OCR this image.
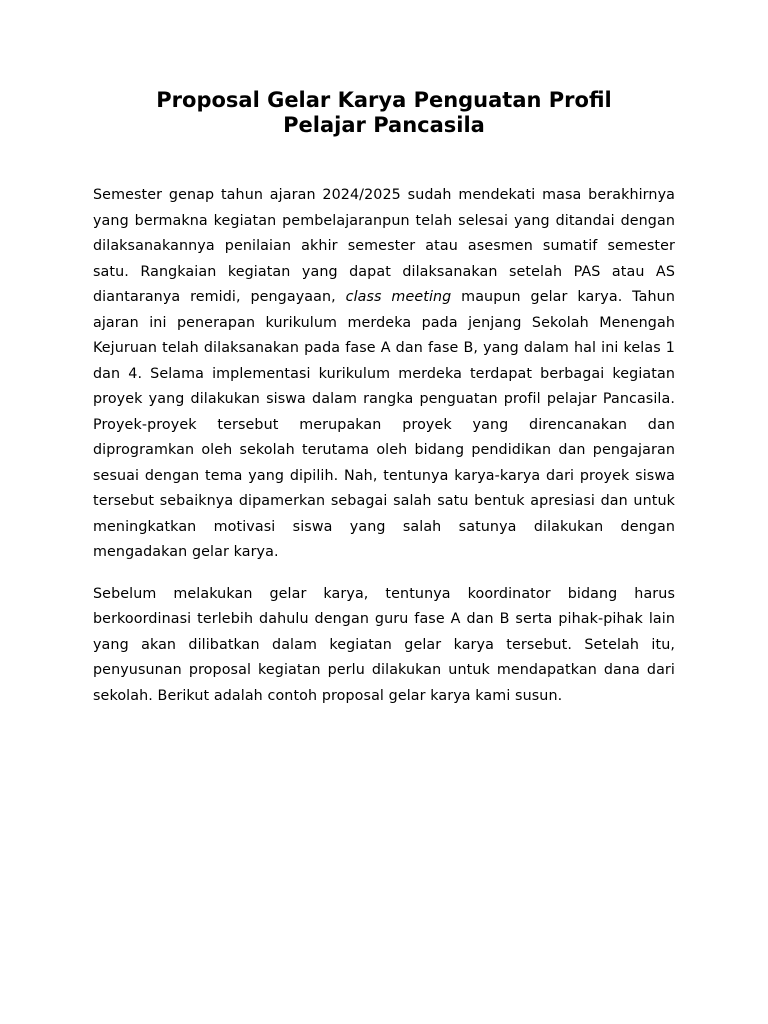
Proposal Gelar Karya Penguatan Profil
Pelajar Pancasila

Semester genap tahun ajaran 2024/2025 sudah mendekati masa berakhirnya yang bermakna kegiatan pembelajaranpun telah selesai yang ditandai dengan dilaksanakannya penilaian akhir semester atau asesmen sumatif semester satu. Rangkaian kegiatan yang dapat dilaksanakan setelah PAS atau AS diantaranya remidi, pengayaan, class meeting maupun gelar karya. Tahun ajaran ini penerapan kurikulum merdeka pada jenjang Sekolah Menengah Kejuruan telah dilaksanakan pada fase A dan fase B, yang dalam hal ini kelas 1 dan 4. Selama implementasi kurikulum merdeka terdapat berbagai kegiatan proyek yang dilakukan siswa dalam rangka penguatan profil pelajar Pancasila. Proyek-proyek tersebut merupakan proyek yang direncanakan dan diprogramkan oleh sekolah terutama oleh bidang pendidikan dan pengajaran sesuai dengan tema yang dipilih. Nah, tentunya karya-karya dari proyek siswa tersebut sebaiknya dipamerkan sebagai salah satu bentuk apresiasi dan untuk meningkatkan motivasi siswa yang salah satunya dilakukan dengan mengadakan gelar karya.

Sebelum melakukan gelar karya, tentunya koordinator bidang harus berkoordinasi terlebih dahulu dengan guru fase A dan B serta pihak-pihak lain yang akan dilibatkan dalam kegiatan gelar karya tersebut. Setelah itu, penyusunan proposal kegiatan perlu dilakukan untuk mendapatkan dana dari sekolah. Berikut adalah contoh proposal gelar karya kami susun.
